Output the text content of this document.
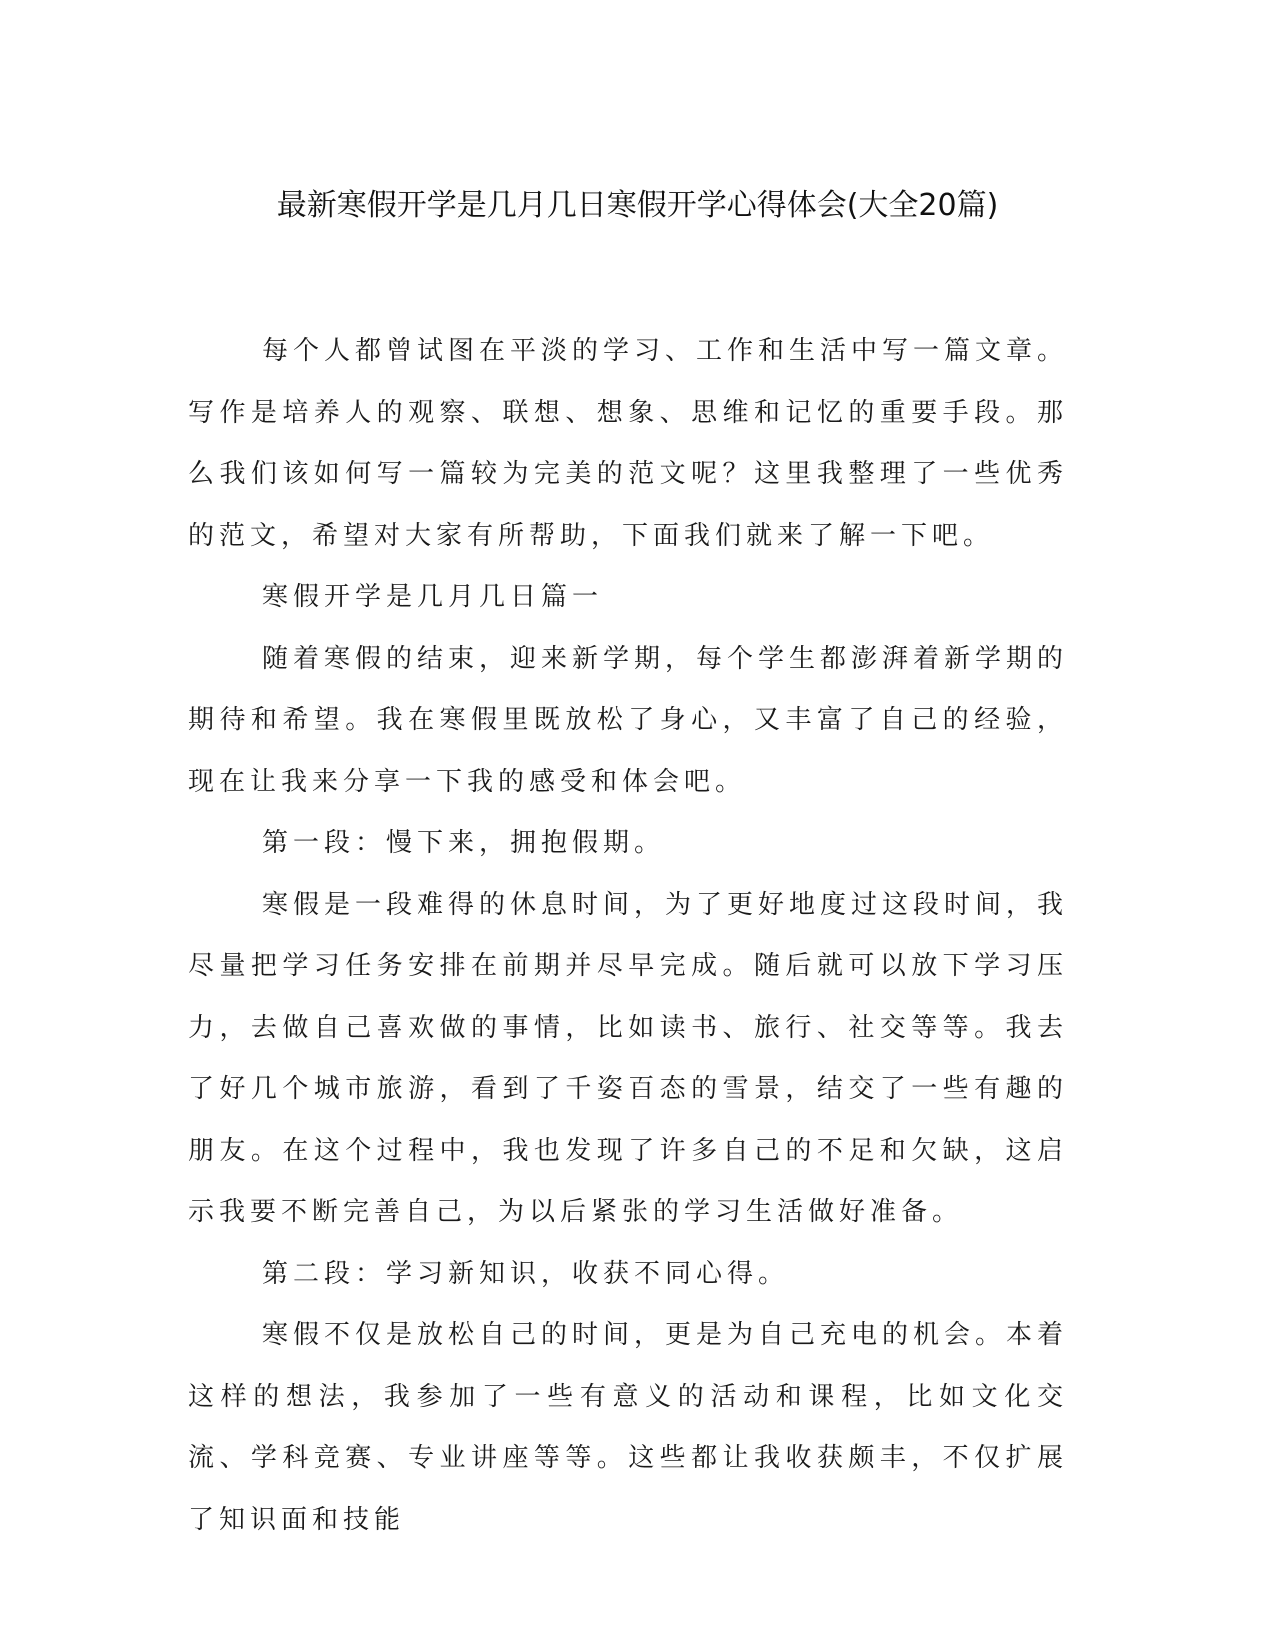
最新寒假开学是几月几日寒假开学心得体会(大全20篇)

每个人都曾试图在平淡的学习、工作和生活中写一篇文章。写作是培养人的观察、联想、想象、思维和记忆的重要手段。那么我们该如何写一篇较为完美的范文呢？这里我整理了一些优秀的范文，希望对大家有所帮助，下面我们就来了解一下吧。

寒假开学是几月几日篇一

随着寒假的结束，迎来新学期，每个学生都澎湃着新学期的期待和希望。我在寒假里既放松了身心，又丰富了自己的经验，现在让我来分享一下我的感受和体会吧。

第一段：慢下来，拥抱假期。

寒假是一段难得的休息时间，为了更好地度过这段时间，我尽量把学习任务安排在前期并尽早完成。随后就可以放下学习压力，去做自己喜欢做的事情，比如读书、旅行、社交等等。我去了好几个城市旅游，看到了千姿百态的雪景，结交了一些有趣的朋友。在这个过程中，我也发现了许多自己的不足和欠缺，这启示我要不断完善自己，为以后紧张的学习生活做好准备。

第二段：学习新知识，收获不同心得。

寒假不仅是放松自己的时间，更是为自己充电的机会。本着这样的想法，我参加了一些有意义的活动和课程，比如文化交流、学科竞赛、专业讲座等等。这些都让我收获颇丰，不仅扩展了知识面和技能
